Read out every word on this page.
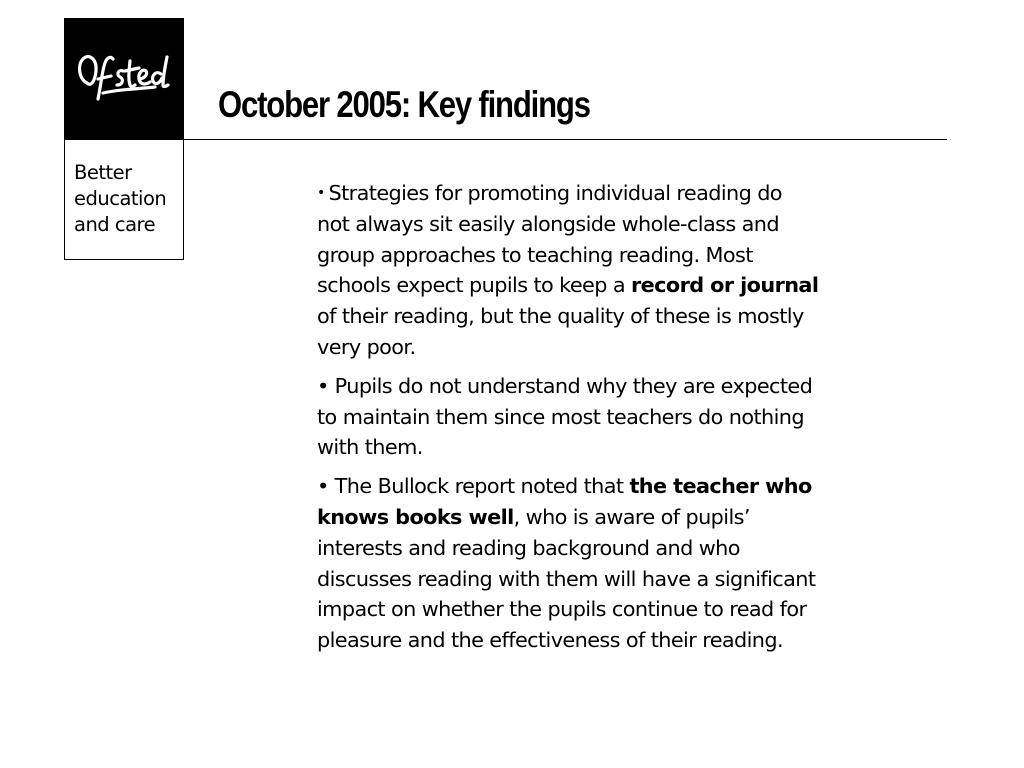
Better
education
and care
October 2005: Key findings

• Strategies for promoting individual reading do
not always sit easily alongside whole-class and
group approaches to teaching reading. Most
schools expect pupils to keep a record or journal
of their reading, but the quality of these is mostly
very poor.

• Pupils do not understand why they are expected
to maintain them since most teachers do nothing
with them.

• The Bullock report noted that the teacher who
knows books well, who is aware of pupils’
interests and reading background and who
discusses reading with them will have a significant
impact on whether the pupils continue to read for
pleasure and the effectiveness of their reading.
